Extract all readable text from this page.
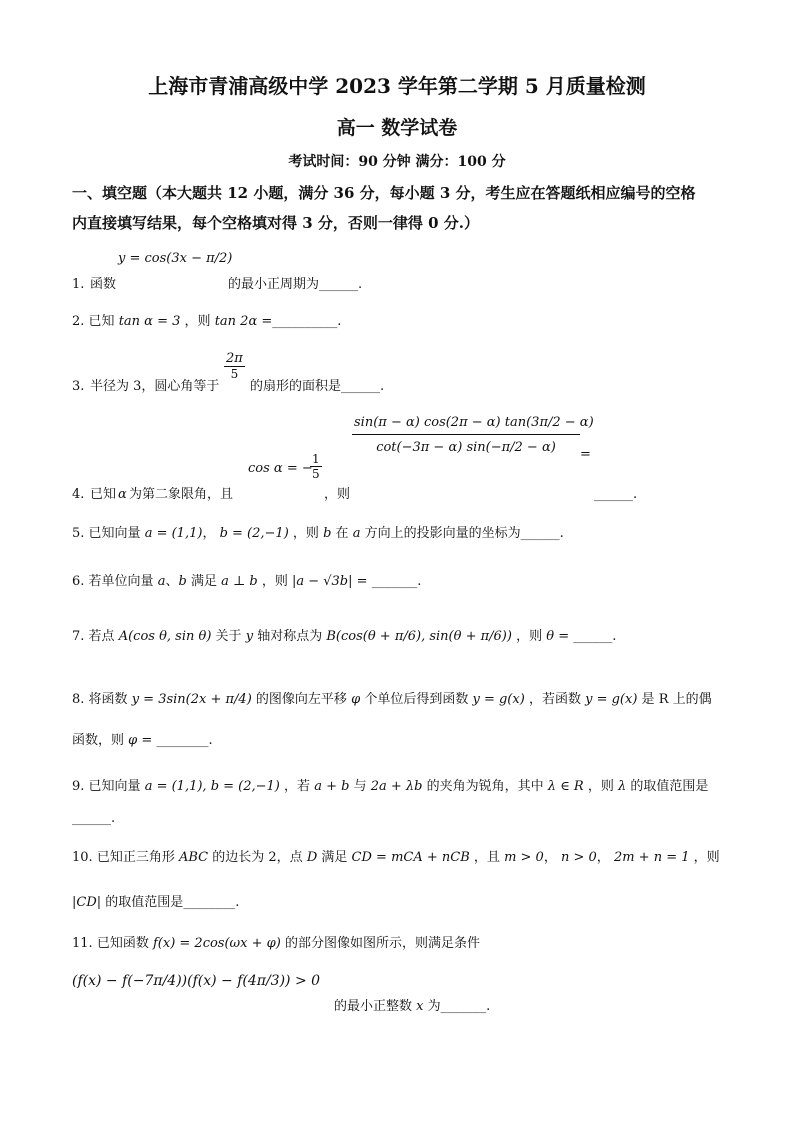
上海市青浦高级中学 2023 学年第二学期 5 月质量检测
高一 数学试卷
考试时间：90 分钟 满分：100 分
一、填空题（本大题共 12 小题，满分 36 分，每小题 3 分，考生应在答题纸相应编号的空格
内直接填写结果，每个空格填对得 3 分，否则一律得 0 分.）
y = cos(3x − π/2)
1. 函数	的最小正周期为______.
2. 已知 tan α = 3 ，则 tan 2α =__________.
3. 半径为 3，圆心角等于
$\frac{2\pi}{5}$
的扇形的面积是______.
$\frac{\sin(\pi - \alpha) \cos(2\pi - \alpha) \tan(3\pi/2 - \alpha)}{\cot(-3\pi - \alpha) \sin(-\pi/2 - \alpha)}$ =
4. 已知 α 为第二象限角，且
cos α = −
$\frac{1}{5}$
，则	______.
5. 已知向量 a = (1,1)， b = (2,−1) ，则 b 在 a 方向上的投影向量的坐标为______.
6. 若单位向量 a、b 满足 a ⊥ b ，则 |a − √3b| = _______.
7. 若点 A(cos θ, sin θ) 关于 y 轴对称点为 B(cos(θ + π/6), sin(θ + π/6)) ，则 θ = ______.
8. 将函数 y = 3sin(2x + π/4) 的图像向左平移 φ 个单位后得到函数 y = g(x) ，若函数 y = g(x) 是 R 上的偶
函数，则 φ = ________.
9. 已知向量 a = (1,1), b = (2,−1) ，若 a + b 与 2a + λb 的夹角为锐角，其中 λ ∈ R ，则 λ 的取值范围是
______.
10. 已知正三角形 ABC 的边长为 2，点 D 满足 CD = mCA + nCB ，且 m > 0， n > 0， 2m + n = 1 ，则
|CD| 的取值范围是________.
11. 已知函数 f(x) = 2cos(ωx + φ) 的部分图像如图所示，则满足条件
(f(x) − f(−7π/4))(f(x) − f(4π/3)) > 0
的最小正整数 x 为_______.
